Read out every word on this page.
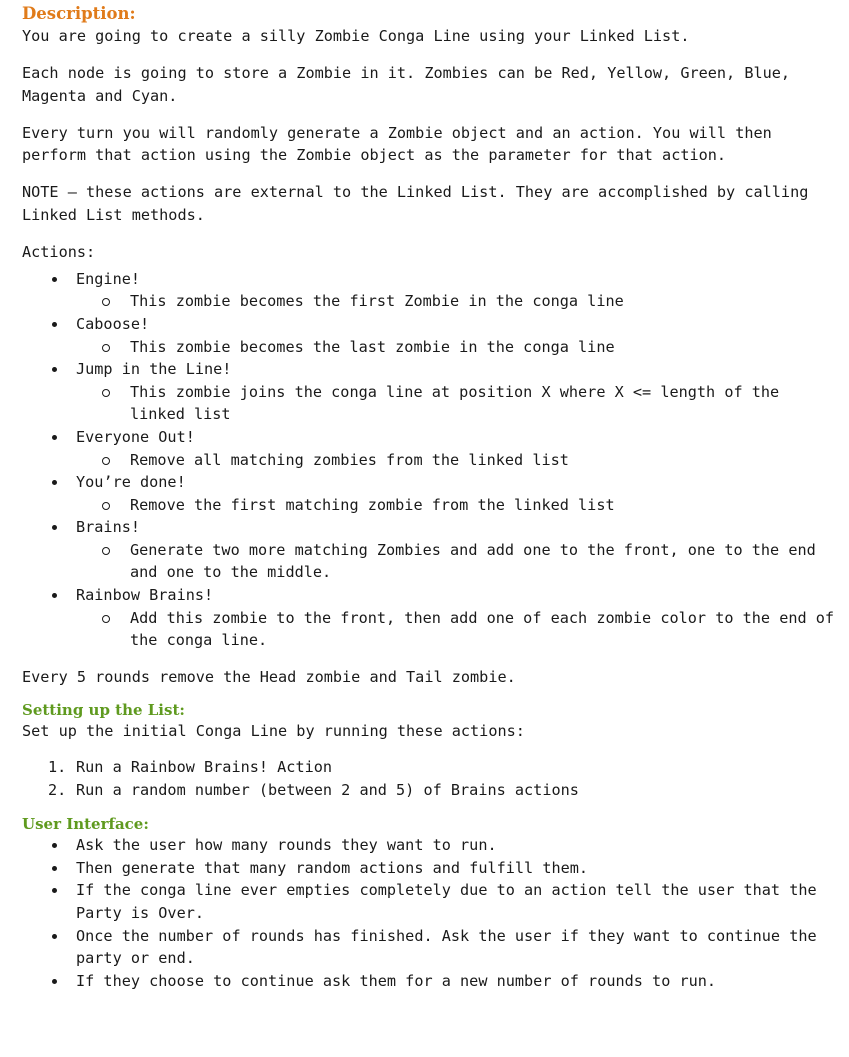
Description:

You are going to create a silly Zombie Conga Line using your Linked List.

Each node is going to store a Zombie in it. Zombies can be Red, Yellow, Green, Blue, Magenta and Cyan.

Every turn you will randomly generate a Zombie object and an action. You will then perform that action using the Zombie object as the parameter for that action.

NOTE – these actions are external to the Linked List. They are accomplished by calling Linked List methods.

Actions:

Engine!
This zombie becomes the first Zombie in the conga line
Caboose!
This zombie becomes the last zombie in the conga line
Jump in the Line!
This zombie joins the conga line at position X where X <= length of the linked list
Everyone Out!
Remove all matching zombies from the linked list
You’re done!
Remove the first matching zombie from the linked list
Brains!
Generate two more matching Zombies and add one to the front, one to the end and one to the middle.
Rainbow Brains!
Add this zombie to the front, then add one of each zombie color to the end of the conga line.

Every 5 rounds remove the Head zombie and Tail zombie.

Setting up the List:
Set up the initial Conga Line by running these actions:
1. Run a Rainbow Brains! Action
2. Run a random number (between 2 and 5) of Brains actions
User Interface:
Ask the user how many rounds they want to run.
Then generate that many random actions and fulfill them.
If the conga line ever empties completely due to an action tell the user that the Party is Over.
Once the number of rounds has finished. Ask the user if they want to continue the party or end.
If they choose to continue ask them for a new number of rounds to run.
